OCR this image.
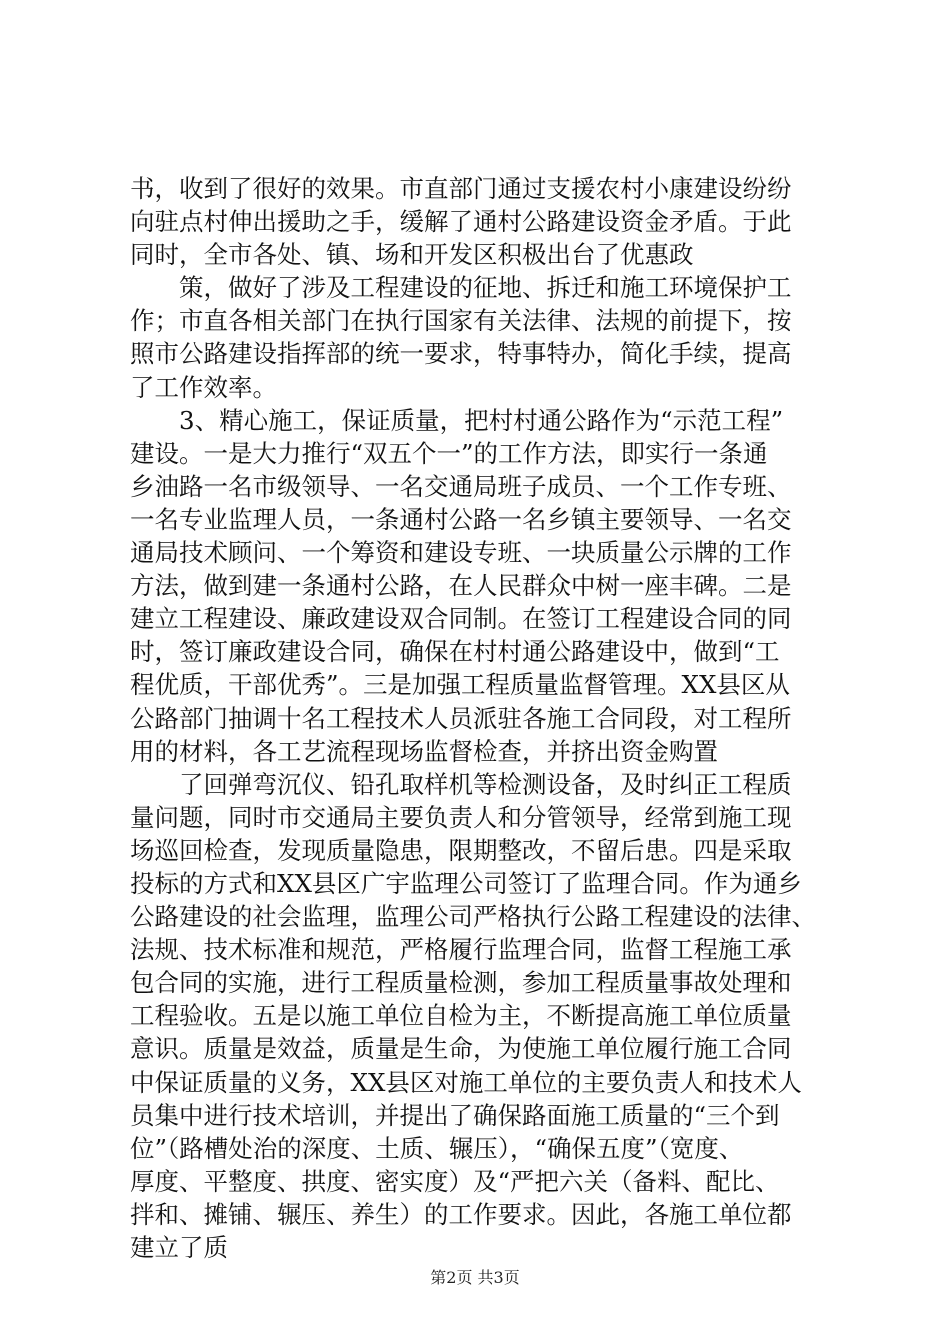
书，收到了很好的效果。市直部门通过支援农村小康建设纷纷
向驻点村伸出援助之手，缓解了通村公路建设资金矛盾。于此
同时，全市各处、镇、场和开发区积极出台了优惠政
　　策，做好了涉及工程建设的征地、拆迁和施工环境保护工
作；市直各相关部门在执行国家有关法律、法规的前提下，按
照市公路建设指挥部的统一要求，特事特办，简化手续，提高
了工作效率。
　　3、精心施工，保证质量，把村村通公路作为“示范工程”
建设。一是大力推行“双五个一”的工作方法，即实行一条通
乡油路一名市级领导、一名交通局班子成员、一个工作专班、
一名专业监理人员，一条通村公路一名乡镇主要领导、一名交
通局技术顾问、一个筹资和建设专班、一块质量公示牌的工作
方法，做到建一条通村公路，在人民群众中树一座丰碑。二是
建立工程建设、廉政建设双合同制。在签订工程建设合同的同
时，签订廉政建设合同，确保在村村通公路建设中，做到“工
程优质，干部优秀”。三是加强工程质量监督管理。XX县区从
公路部门抽调十名工程技术人员派驻各施工合同段，对工程所
用的材料，各工艺流程现场监督检查，并挤出资金购置
　　了回弹弯沉仪、铅孔取样机等检测设备，及时纠正工程质
量问题，同时市交通局主要负责人和分管领导，经常到施工现
场巡回检查，发现质量隐患，限期整改，不留后患。四是采取
投标的方式和XX县区广宇监理公司签订了监理合同。作为通乡
公路建设的社会监理，监理公司严格执行公路工程建设的法律、
法规、技术标准和规范，严格履行监理合同，监督工程施工承
包合同的实施，进行工程质量检测，参加工程质量事故处理和
工程验收。五是以施工单位自检为主，不断提高施工单位质量
意识。质量是效益，质量是生命，为使施工单位履行施工合同
中保证质量的义务，XX县区对施工单位的主要负责人和技术人
员集中进行技术培训，并提出了确保路面施工质量的“三个到
位”（路槽处治的深度、土质、辗压），“确保五度”（宽度、
厚度、平整度、拱度、密实度）及“严把六关（备料、配比、
拌和、摊铺、辗压、养生）的工作要求。因此，各施工单位都
建立了质
第2页 共3页
